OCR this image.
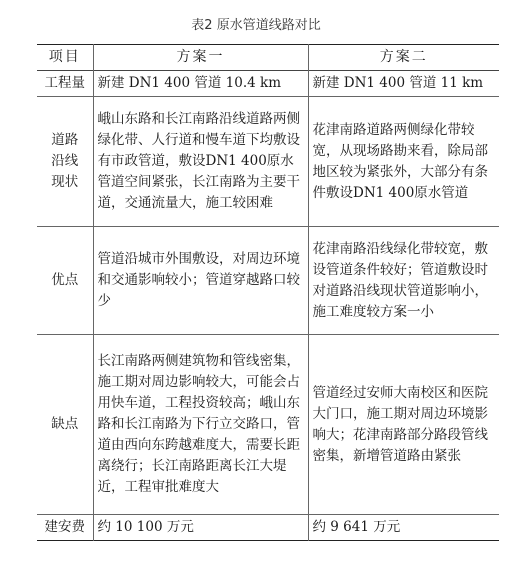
表2 原水管道线路对比
项目	方案一	方案二
工程量	新建 DN1 400 管道 10.4 km	新建 DN1 400 管道 11 km
道路沿线现状	峨山东路和长江南路沿线道路两侧绿化带、人行道和慢车道下均敷设有市政管道，敷设DN1 400原水管道空间紧张，长江南路为主要干道，交通流量大，施工较困难	花津南路道路两侧绿化带较宽，从现场路勘来看，除局部地区较为紧张外，大部分有条件敷设DN1 400原水管道
优点	管道沿城市外围敷设，对周边环境和交通影响较小；管道穿越路口较少	花津南路沿线绿化带较宽，敷设管道条件较好；管道敷设时对道路沿线现状管道影响小，施工难度较方案一小
缺点	长江南路两侧建筑物和管线密集，施工期对周边影响较大，可能会占用快车道，工程投资较高；峨山东路和长江南路为下行立交路口，管道由西向东跨越难度大，需要长距离绕行；长江南路距离长江大堤近，工程审批难度大	管道经过安师大南校区和医院大门口，施工期对周边环境影响大；花津南路部分路段管线密集，新增管道路由紧张
建安费	约 10 100 万元	约 9 641 万元
